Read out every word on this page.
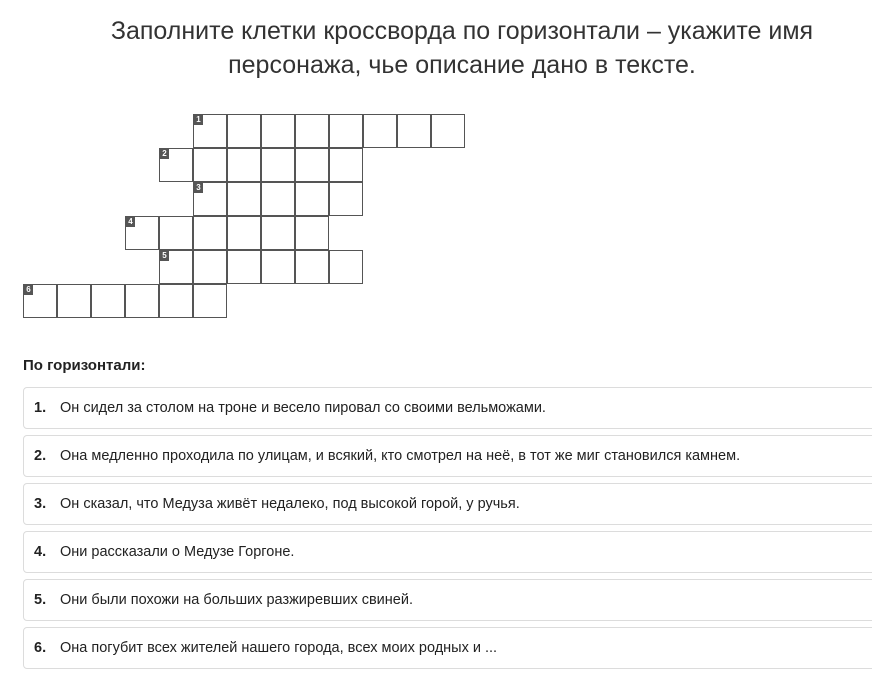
Заполните клетки кроссворда по горизонтали – укажите имя
персонажа, чье описание дано в тексте.
1
2
3
4
5
6
По горизонтали:
1. Он сидел за столом на троне и весело пировал со своими вельможами.
2. Она медленно проходила по улицам, и всякий, кто смотрел на неё, в тот же миг становился камнем.
3. Он сказал, что Медуза живёт недалеко, под высокой горой, у ручья.
4. Они рассказали о Медузе Горгоне.
5. Они были похожи на больших разжиревших свиней.
6. Она погубит всех жителей нашего города, всех моих родных и ...
